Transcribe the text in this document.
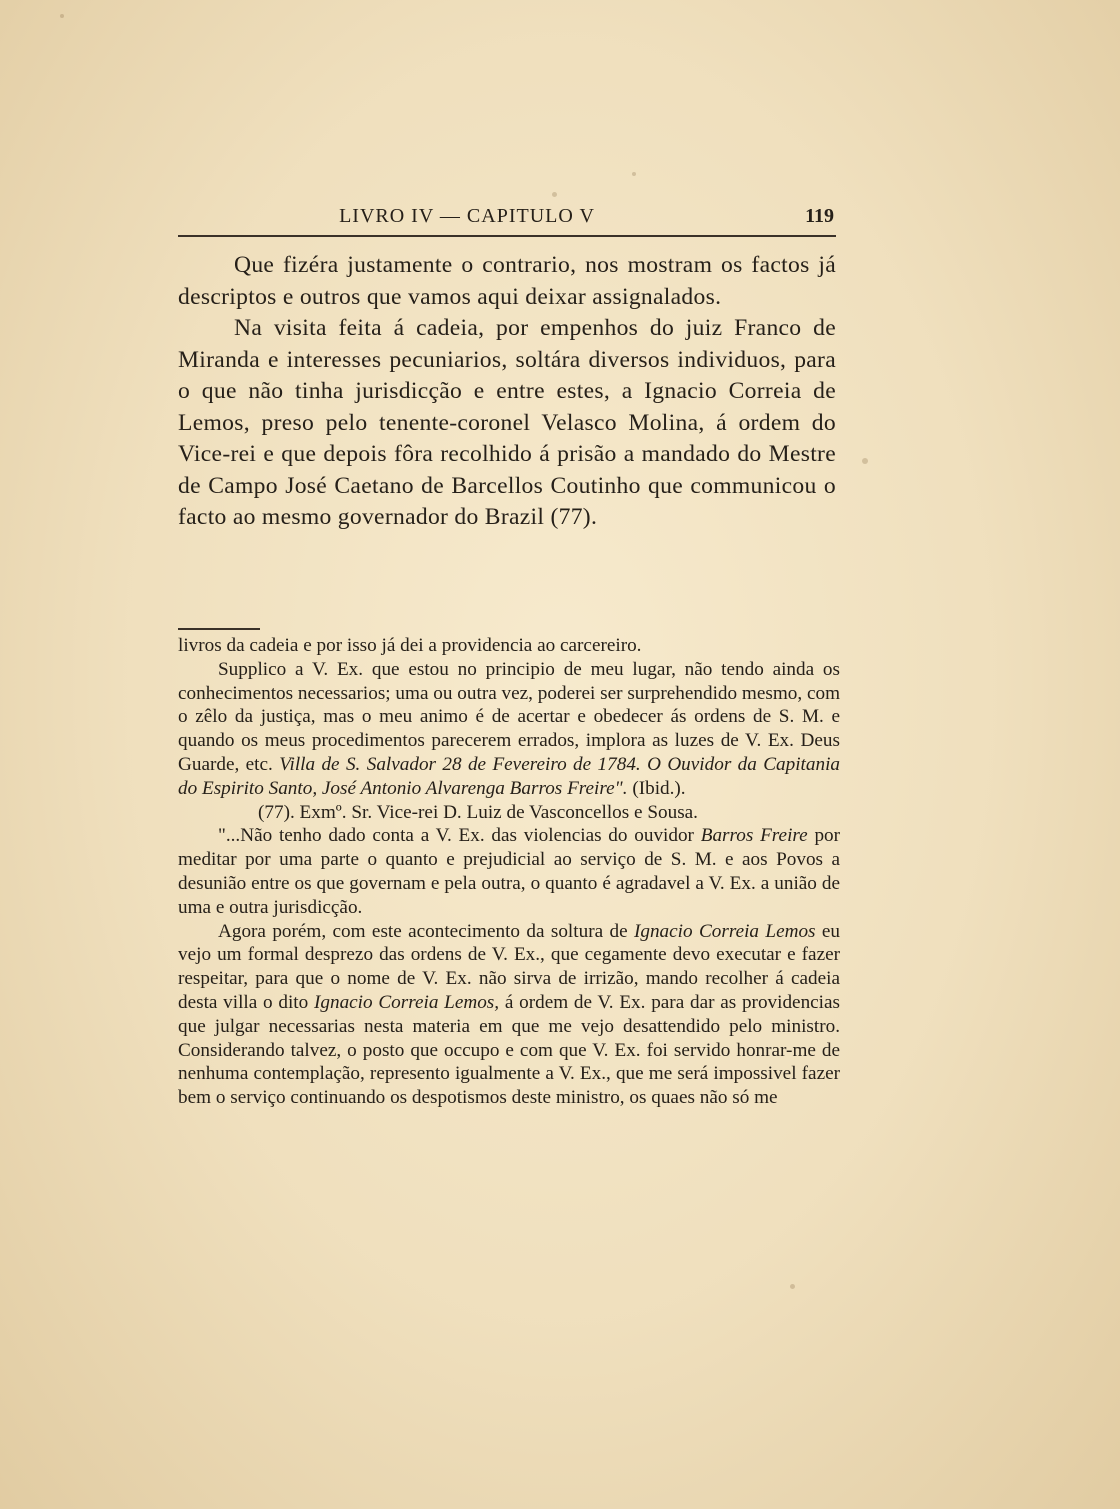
LIVRO IV — CAPITULO V	119

Que fizéra justamente o contrario, nos mostram os factos já descriptos e outros que vamos aqui deixar assignalados.

Na visita feita á cadeia, por empenhos do juiz Franco de Miranda e interesses pecuniarios, soltára diversos individuos, para o que não tinha jurisdicção e entre estes, a Ignacio Correia de Lemos, preso pelo tenente-coronel Velasco Molina, á ordem do Vice-rei e que depois fôra recolhido á prisão a mandado do Mestre de Campo José Caetano de Barcellos Coutinho que communicou o facto ao mesmo governador do Brazil (77).

livros da cadeia e por isso já dei a providencia ao carcereiro.

Supplico a V. Ex. que estou no principio de meu lugar, não tendo ainda os conhecimentos necessarios; uma ou outra vez, poderei ser surprehendido mesmo, com o zêlo da justiça, mas o meu animo é de acertar e obedecer ás ordens de S. M. e quando os meus procedimentos parecerem errados, implora as luzes de V. Ex. Deus Guarde, etc. Villa de S. Salvador 28 de Fevereiro de 1784. O Ouvidor da Capitania do Espirito Santo, José Antonio Alvarenga Barros Freire". (Ibid.).

(77). Exmº. Sr. Vice-rei D. Luiz de Vasconcellos e Sousa.

"...Não tenho dado conta a V. Ex. das violencias do ouvidor Barros Freire por meditar por uma parte o quanto e prejudicial ao serviço de S. M. e aos Povos a desunião entre os que governam e pela outra, o quanto é agradavel a V. Ex. a união de uma e outra jurisdicção.

Agora porém, com este acontecimento da soltura de Ignacio Correia Lemos eu vejo um formal desprezo das ordens de V. Ex., que cegamente devo executar e fazer respeitar, para que o nome de V. Ex. não sirva de irrizão, mando recolher á cadeia desta villa o dito Ignacio Correia Lemos, á ordem de V. Ex. para dar as providencias que julgar necessarias nesta materia em que me vejo desattendido pelo ministro. Considerando talvez, o posto que occupo e com que V. Ex. foi servido honrar-me de nenhuma contemplação, represento igualmente a V. Ex., que me será impossivel fazer bem o serviço continuando os despotismos deste ministro, os quaes não só me
